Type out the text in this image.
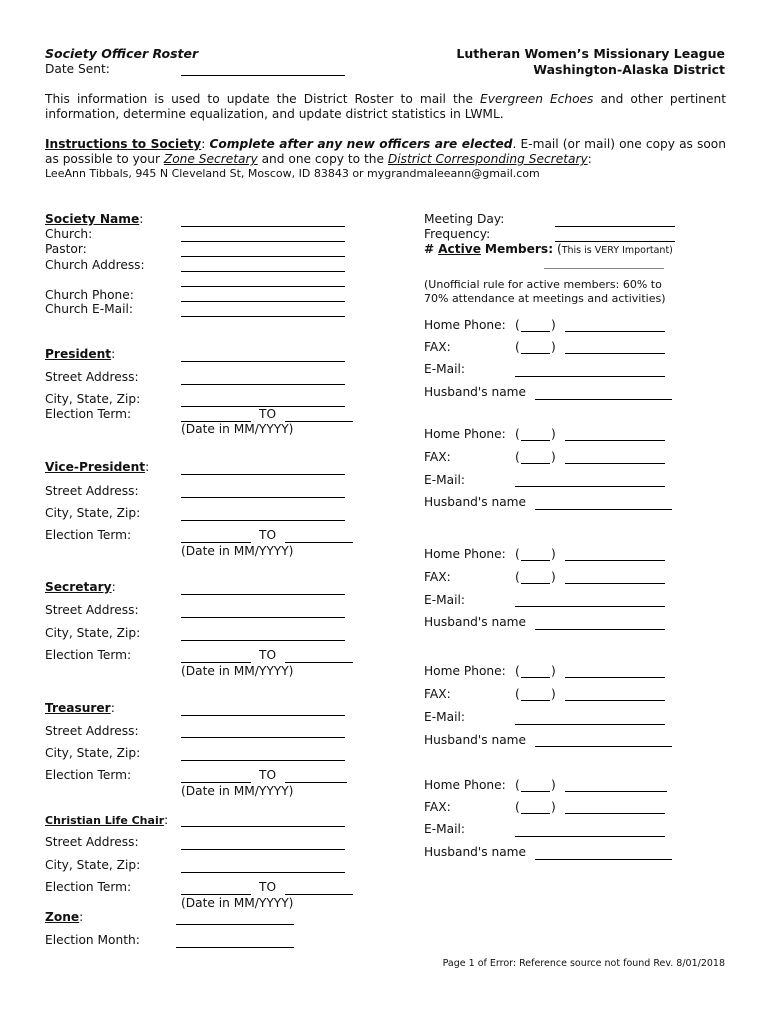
Society Officer Roster
Date Sent:
Lutheran Women’s Missionary League
Washington-Alaska District
This information is used to update the District Roster to mail the Evergreen Echoes and other pertinent information, determine equalization, and update district statistics in LWML.
Instructions to Society: Complete after any new officers are elected. E-mail (or mail) one copy as soon as possible to your Zone Secretary and one copy to the District Corresponding Secretary:
LeeAnn Tibbals, 945 N Cleveland St, Moscow, ID 83843 or mygrandmaleeann@gmail.com
Society Name:
Church:
Pastor:
Church Address:
Church Phone:
Church E-Mail:
Meeting Day:
Frequency:
# Active Members: (This is VERY Important)
(Unofficial rule for active members: 60% to
70% attendance at meetings and activities)
President:
Street Address:
City, State, Zip:
Election Term:	TO
(Date in MM/YYYY)
Vice-President:
Street Address:
City, State, Zip:
Election Term:	TO
(Date in MM/YYYY)
Secretary:
Street Address:
City, State, Zip:
Election Term:	TO
(Date in MM/YYYY)
Treasurer:
Street Address:
City, State, Zip:
Election Term:	TO
(Date in MM/YYYY)
Christian Life Chair:
Street Address:
City, State, Zip:
Election Term:	TO
(Date in MM/YYYY)
Zone:
Election Month:
Home Phone: (	)
FAX:	(	)
E-Mail:
Husband's name
Home Phone: (	)
FAX:	(	)
E-Mail:
Husband's name
Home Phone: (	)
FAX:	(	)
E-Mail:
Husband's name
Home Phone: (	)
FAX:	(	)
E-Mail:
Husband's name
Home Phone: (	)
FAX:	(	)
E-Mail:
Husband's name
Page 1 of Error: Reference source not found Rev. 8/01/2018
